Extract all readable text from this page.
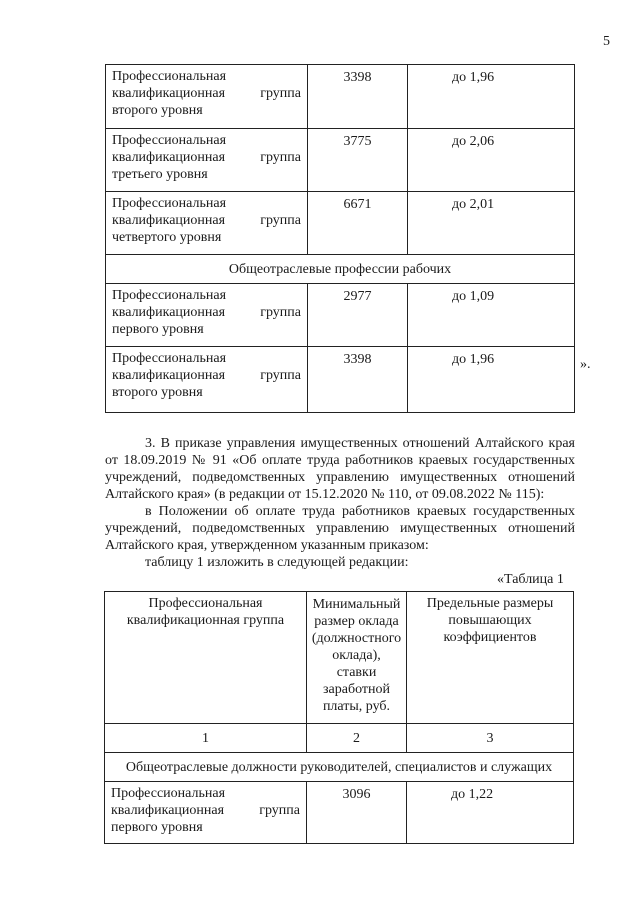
5
Профессиональная квалификационная группа второго уровня	3398	до 1,96
Профессиональная квалификационная группа третьего уровня	3775	до 2,06
Профессиональная квалификационная группа четвертого уровня	6671	до 2,01
Общеотраслевые профессии рабочих		
Профессиональная квалификационная группа первого уровня	2977	до 1,09
Профессиональная квалификационная группа второго уровня	3398	до 1,96	».

3. В приказе управления имущественных отношений Алтайского края от 18.09.2019 № 91 «Об оплате труда работников краевых государственных учреждений, подведомственных управлению имущественных отношений Алтайского края» (в редакции от 15.12.2020 № 110, от 09.08.2022 № 115):

в Положении об оплате труда работников краевых государственных учреждений, подведомственных управлению имущественных отношений Алтайского края, утвержденном указанным приказом:

таблицу 1 изложить в следующей редакции:

«Таблица 1
Профессиональная квалификационная группа	Минимальный размер оклада (должностного оклада), ставки заработной платы, руб.	Предельные размеры повышающих коэффициентов
1	2	3
Общеотраслевые должности руководителей, специалистов и служащих		
Профессиональная квалификационная группа первого уровня	3096	до 1,22
